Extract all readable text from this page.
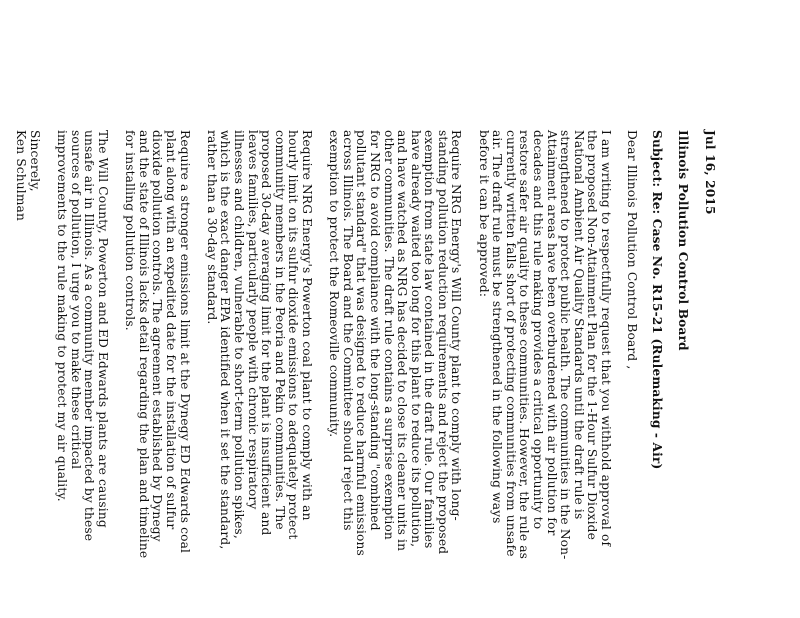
Jul 16, 2015

Illinois Pollution Control Board

Subject: Re: Case No. R15-21 (Rulemaking - Air)

Dear Illinois Pollution Control Board ,

I am writing to respectfully request that you withhold approval of the proposed Non-Attainment Plan for the 1-Hour Sulfur Dioxide National Ambient Air Quality Standards until the draft rule is strengthened to protect public health. The communities in the Non-Attainment areas have been overburdened with air pollution for decades and this rule making provides a critical opportunity to restore safer air quality to these communities. However, the rule as currently written falls short of protecting communities from unsafe air. The draft rule must be strengthened in the following ways before it can be approved:

Require NRG Energy's Will County plant to comply with long-standing pollution reduction requirements and reject the proposed exemption from state law contained in the draft rule. Our families have already waited too long for this plant to reduce its pollution, and have watched as NRG has decided to close its cleaner units in other communities. The draft rule contains a surprise exemption for NRG to avoid compliance with the long-standing "combined pollutant standard" that was designed to reduce harmful emissions across Illinois. The Board and the Committee should reject this exemption to protect the Romeoville community.

Require NRG Energy's Powerton coal plant to comply with an hourly limit on its sulfur dioxide emissions to adequately protect community members in the Peoria and Pekin communities. The proposed 30-day averaging limit for the plant is insufficient and leaves families, particularly people with chronic respiratory illnesses and children, vulnerable to short-term pollution spikes, which is the exact danger EPA identified when it set the standard, rather than a 30-day standard.

Require a stronger emissions limit at the Dynegy ED Edwards coal plant along with an expedited date for the installation of sulfur dioxide pollution controls. The agreement established by Dynegy and the state of Illinois lacks detail regarding the plan and timeline for installing pollution controls.

The Will County, Powerton and ED Edwards plants are causing unsafe air in Illinois. As a community member impacted by these sources of pollution, I urge you to make these critical improvements to the rule making to protect my air quality.

Sincerely,

Ken Schulman
